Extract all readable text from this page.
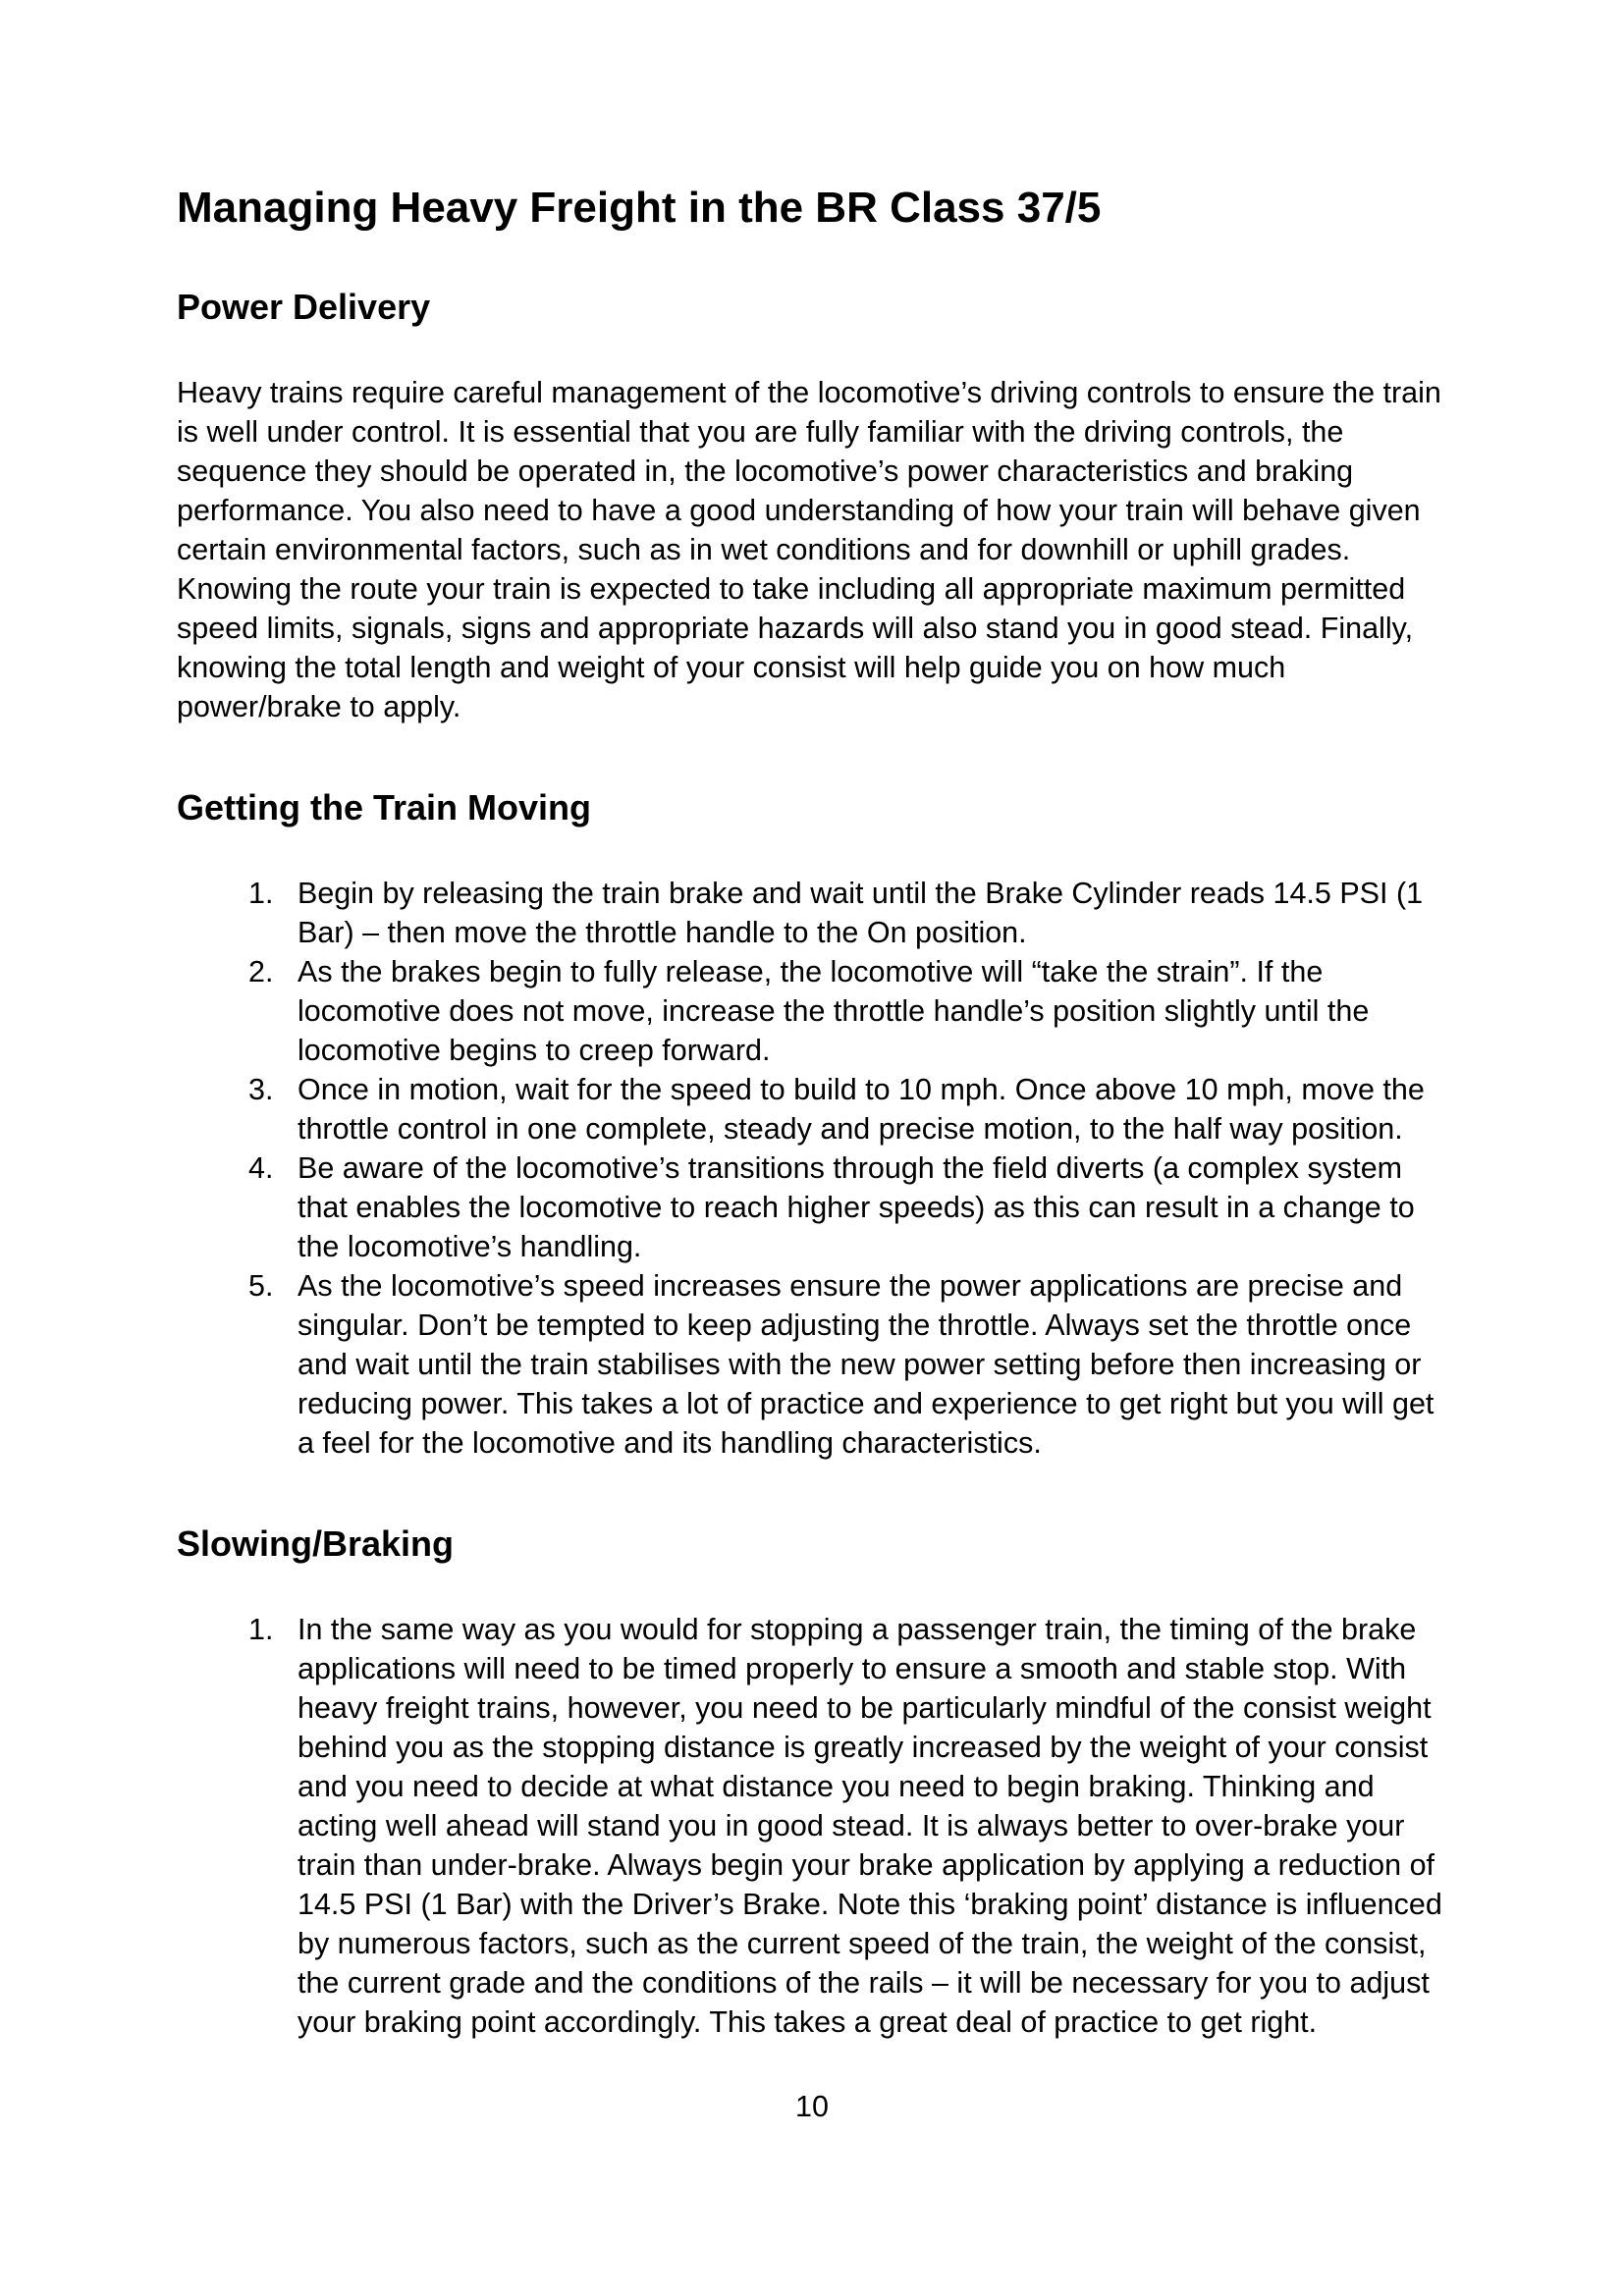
Managing Heavy Freight in the BR Class 37/5
Power Delivery

Heavy trains require careful management of the locomotive’s driving controls to ensure the train is well under control. It is essential that you are fully familiar with the driving controls, the sequence they should be operated in, the locomotive’s power characteristics and braking performance. You also need to have a good understanding of how your train will behave given certain environmental factors, such as in wet conditions and for downhill or uphill grades. Knowing the route your train is expected to take including all appropriate maximum permitted speed limits, signals, signs and appropriate hazards will also stand you in good stead. Finally, knowing the total length and weight of your consist will help guide you on how much power/brake to apply.

Getting the Train Moving
1. Begin by releasing the train brake and wait until the Brake Cylinder reads 14.5 PSI (1 Bar) – then move the throttle handle to the On position.
2. As the brakes begin to fully release, the locomotive will “take the strain”. If the locomotive does not move, increase the throttle handle’s position slightly until the locomotive begins to creep forward.
3. Once in motion, wait for the speed to build to 10 mph. Once above 10 mph, move the throttle control in one complete, steady and precise motion, to the half way position.
4. Be aware of the locomotive’s transitions through the field diverts (a complex system that enables the locomotive to reach higher speeds) as this can result in a change to the locomotive’s handling.
5. As the locomotive’s speed increases ensure the power applications are precise and singular. Don’t be tempted to keep adjusting the throttle. Always set the throttle once and wait until the train stabilises with the new power setting before then increasing or reducing power. This takes a lot of practice and experience to get right but you will get a feel for the locomotive and its handling characteristics.
Slowing/Braking
1. In the same way as you would for stopping a passenger train, the timing of the brake applications will need to be timed properly to ensure a smooth and stable stop. With heavy freight trains, however, you need to be particularly mindful of the consist weight behind you as the stopping distance is greatly increased by the weight of your consist and you need to decide at what distance you need to begin braking. Thinking and acting well ahead will stand you in good stead. It is always better to over-brake your train than under-brake. Always begin your brake application by applying a reduction of 14.5 PSI (1 Bar) with the Driver’s Brake. Note this ‘braking point’ distance is influenced by numerous factors, such as the current speed of the train, the weight of the consist, the current grade and the conditions of the rails – it will be necessary for you to adjust your braking point accordingly. This takes a great deal of practice to get right.
10
